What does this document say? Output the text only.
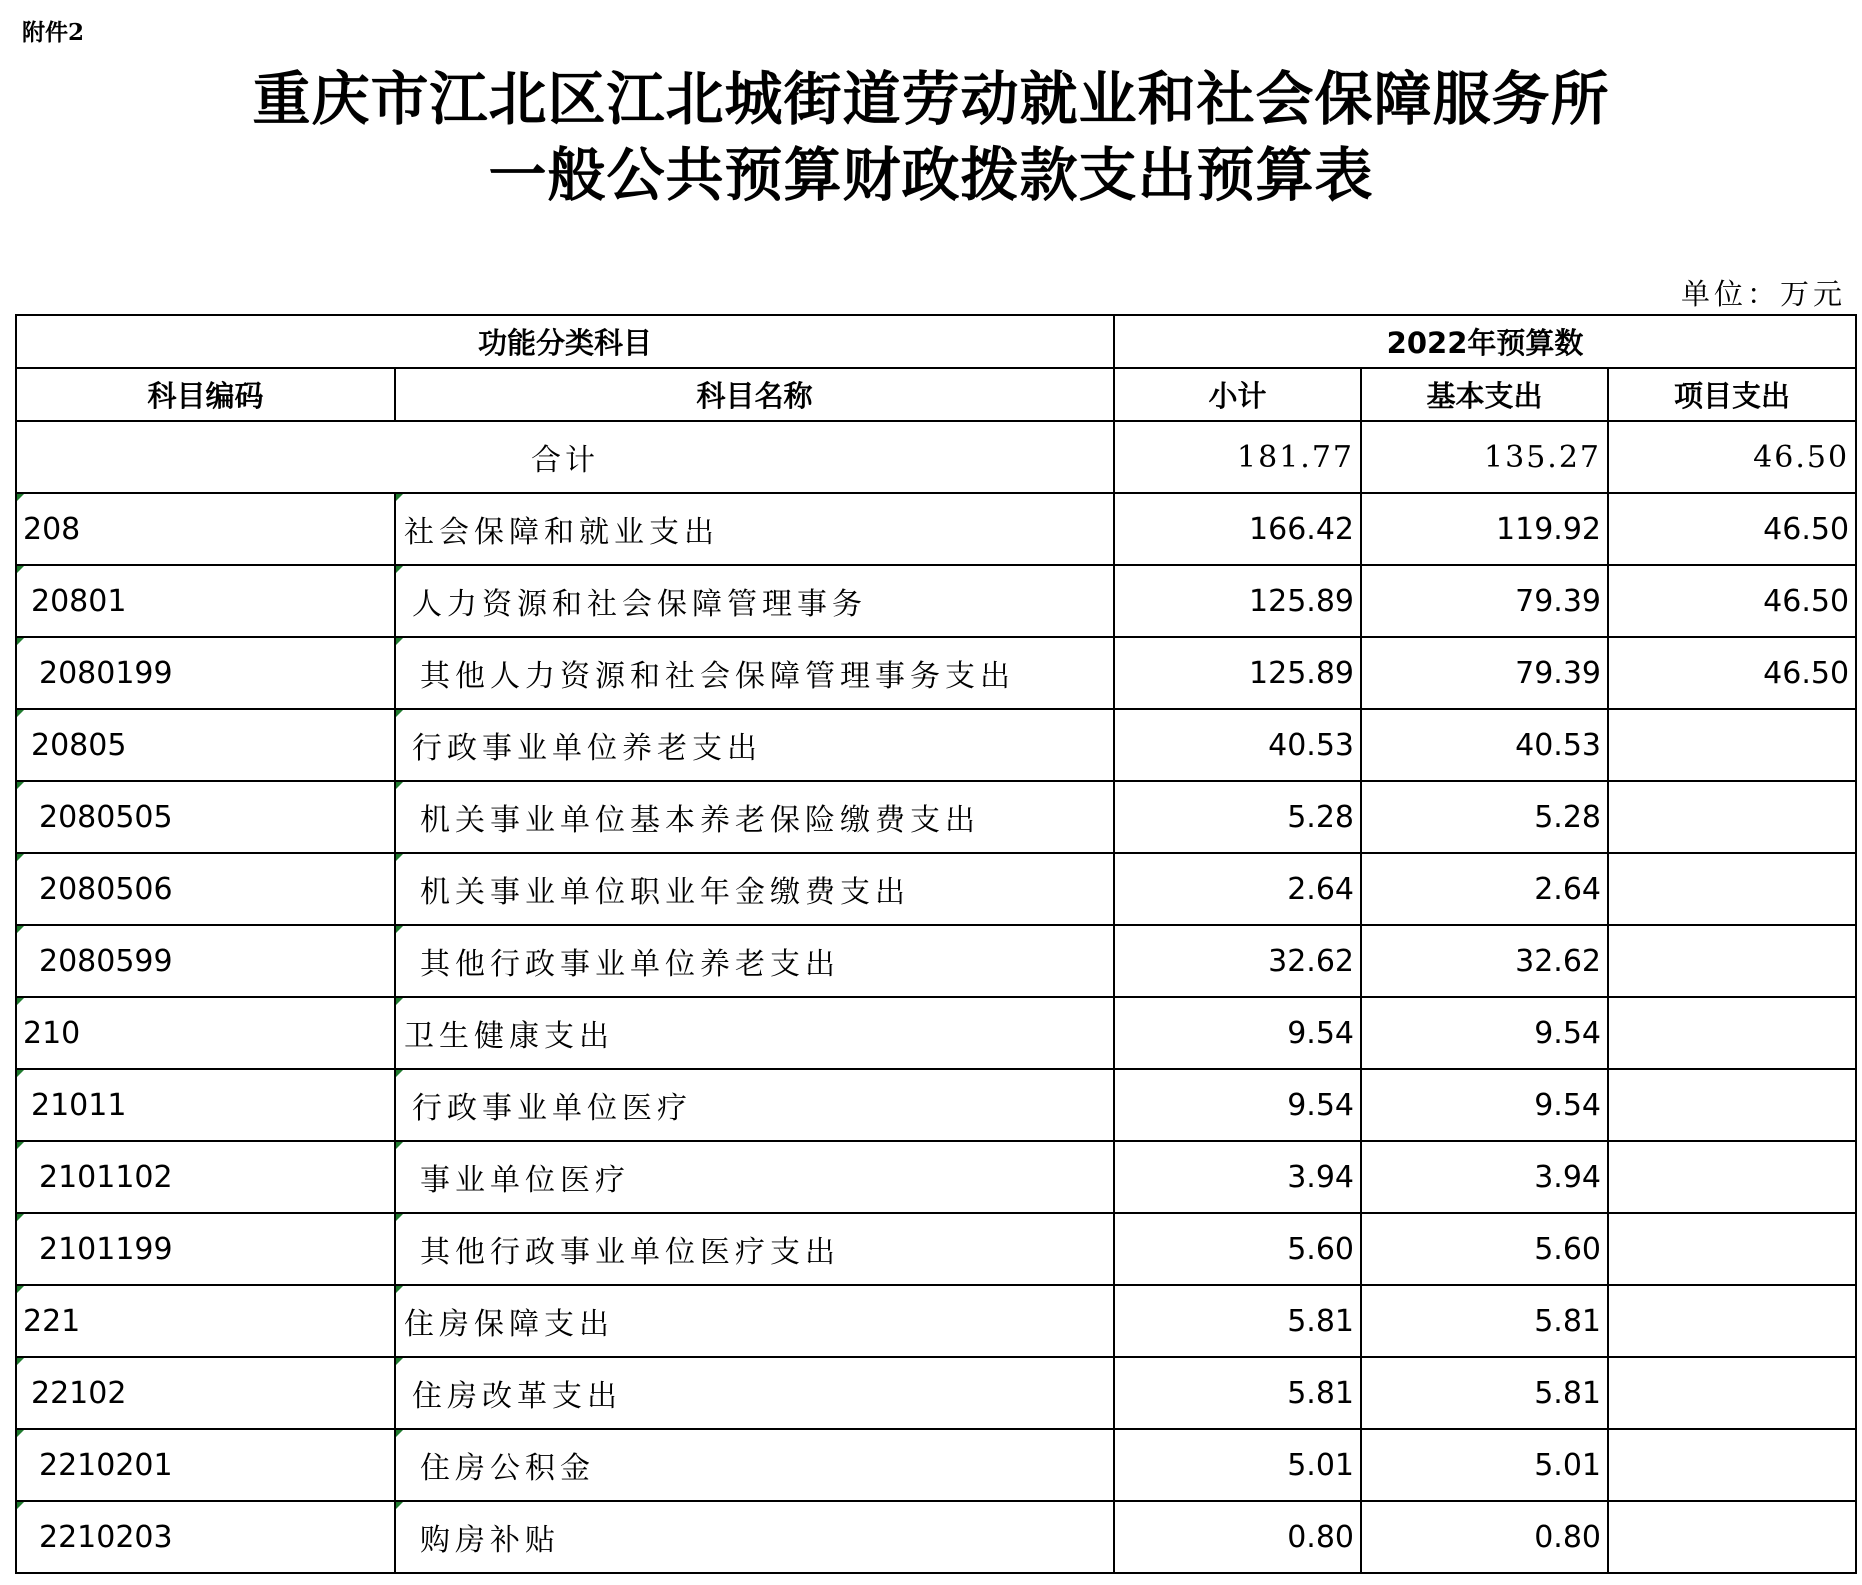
附件2
重庆市江北区江北城街道劳动就业和社会保障服务所
一般公共预算财政拨款支出预算表
单位：万元
功能分类科目		2022年预算数		
科目编码	科目名称	小计	基本支出	项目支出
合计		181.77	135.27	46.50
208	社会保障和就业支出	166.42	119.92	46.50
20801	人力资源和社会保障管理事务	125.89	79.39	46.50
2080199	其他人力资源和社会保障管理事务支出	125.89	79.39	46.50
20805	行政事业单位养老支出	40.53	40.53	
2080505	机关事业单位基本养老保险缴费支出	5.28	5.28	
2080506	机关事业单位职业年金缴费支出	2.64	2.64	
2080599	其他行政事业单位养老支出	32.62	32.62	
210	卫生健康支出	9.54	9.54	
21011	行政事业单位医疗	9.54	9.54	
2101102	事业单位医疗	3.94	3.94	
2101199	其他行政事业单位医疗支出	5.60	5.60	
221	住房保障支出	5.81	5.81	
22102	住房改革支出	5.81	5.81	
2210201	住房公积金	5.01	5.01	
2210203	购房补贴	0.80	0.80	
